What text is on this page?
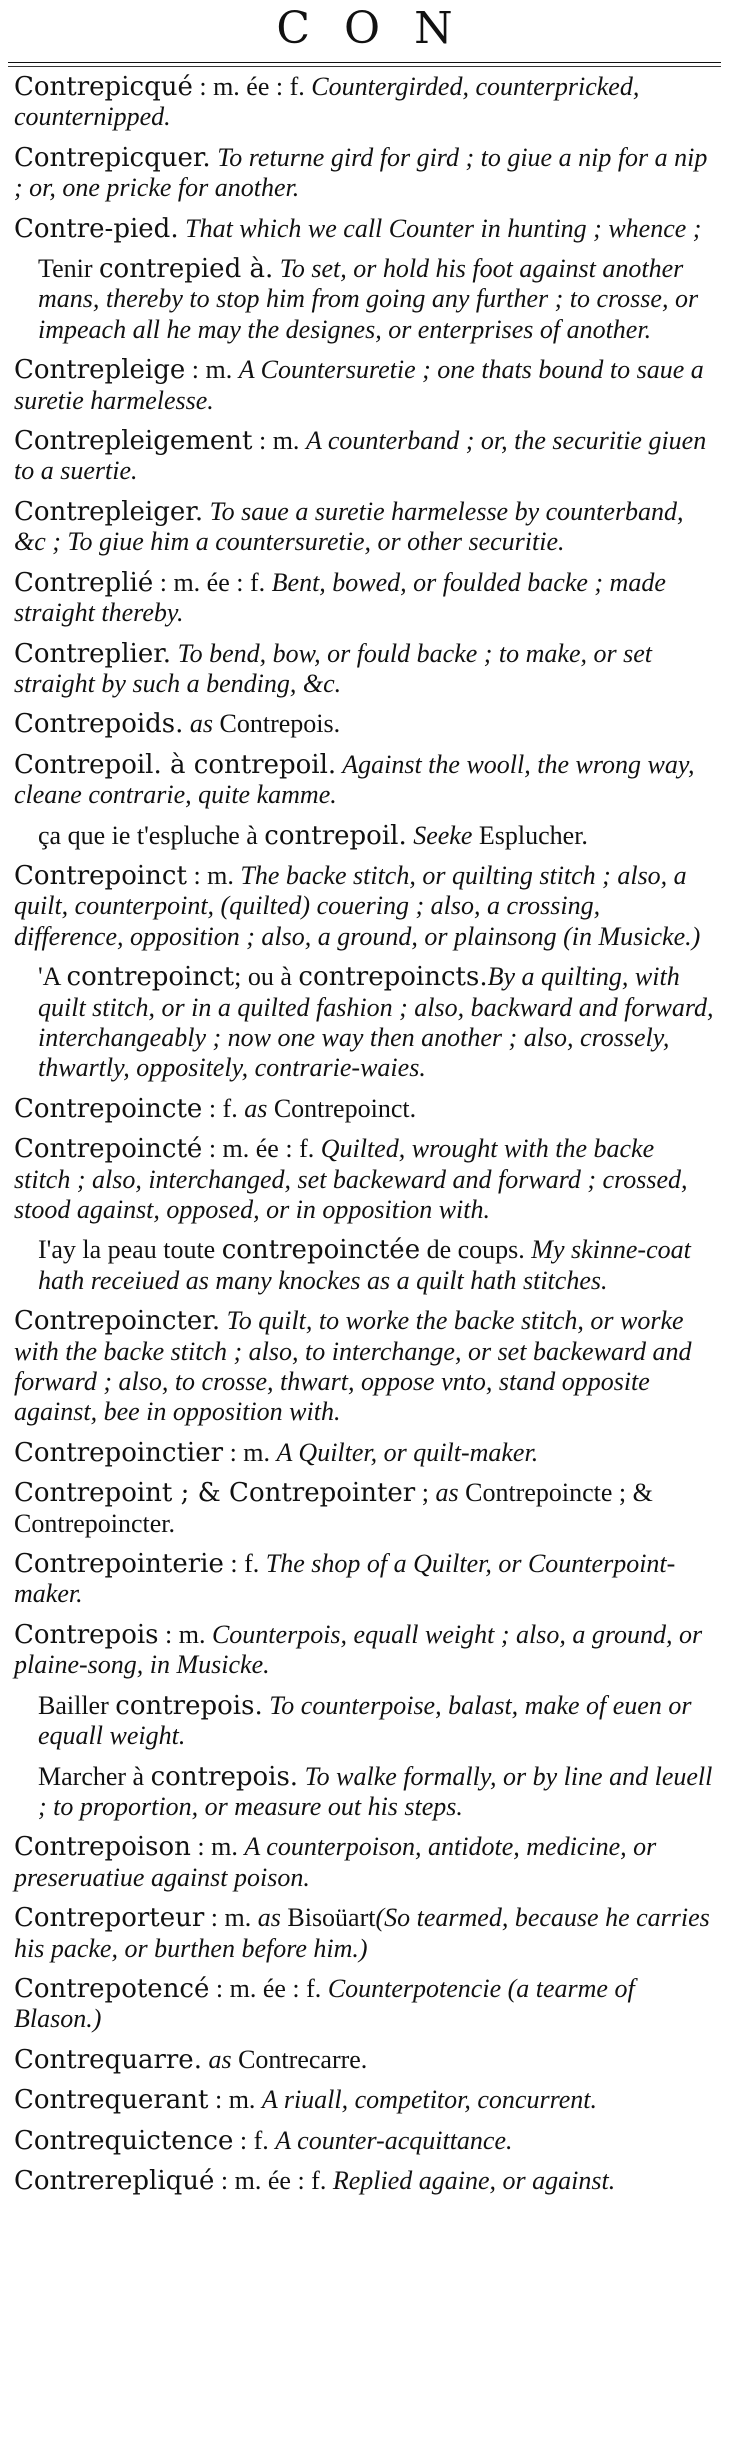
CON

Contrepicqué : m. ée : f. Countergirded, counterpricked, counternipped.

Contrepicquer. To returne gird for gird ; to giue a nip for a nip ; or, one pricke for another.

Contre-pied. That which we call Counter in hunting ; whence ;

Tenir contrepied à. To set, or hold his foot against another mans, thereby to stop him from going any further ; to crosse, or impeach all he may the designes, or enterprises of another.

Contrepleige : m. A Countersuretie ; one thats bound to saue a suretie harmelesse.

Contrepleigement : m. A counterband ; or, the securitie giuen to a suertie.

Contrepleiger. To saue a suretie harmelesse by counterband, &c ; To giue him a countersuretie, or other securitie.

Contreplié : m. ée : f. Bent, bowed, or foulded backe ; made straight thereby.

Contreplier. To bend, bow, or fould backe ; to make, or set straight by such a bending, &c.

Contrepoids. as Contrepois.

Contrepoil. à contrepoil. Against the wooll, the wrong way, cleane contrarie, quite kamme.

ça que ie t'espluche à contrepoil. Seeke Esplucher.

Contrepoinct : m. The backe stitch, or quilting stitch ; also, a quilt, counterpoint, (quilted) couering ; also, a crossing, difference, opposition ; also, a ground, or plainsong (in Musicke.)

'A contrepoinct; ou à contrepoincts.By a quilting, with quilt stitch, or in a quilted fashion ; also, backward and forward, interchangeably ; now one way then another ; also, crossely, thwartly, oppositely, contrarie-waies.

Contrepoincte : f. as Contrepoinct.

Contrepoincté : m. ée : f. Quilted, wrought with the backe stitch ; also, interchanged, set backeward and forward ; crossed, stood against, opposed, or in opposition with.

I'ay la peau toute contrepoinctée de coups. My skinne-coat hath receiued as many knockes as a quilt hath stitches.

Contrepoincter. To quilt, to worke the backe stitch, or worke with the backe stitch ; also, to interchange, or set backeward and forward ; also, to crosse, thwart, oppose vnto, stand opposite against, bee in opposition with.

Contrepoinctier : m. A Quilter, or quilt-maker.

Contrepoint ; & Contrepointer ; as Contrepoincte ; & Contrepoincter.

Contrepointerie : f. The shop of a Quilter, or Counterpoint-maker.

Contrepois : m. Counterpois, equall weight ; also, a ground, or plaine-song, in Musicke.

Bailler contrepois. To counterpoise, balast, make of euen or equall weight.

Marcher à contrepois. To walke formally, or by line and leuell ; to proportion, or measure out his steps.

Contrepoison : m. A counterpoison, antidote, medicine, or preseruatiue against poison.

Contreporteur : m. as Bisoüart(So tearmed, because he carries his packe, or burthen before him.)

Contrepotencé : m. ée : f. Counterpotencie (a tearme of Blason.)

Contrequarre. as Contrecarre.

Contrequerant : m. A riuall, competitor, concurrent.

Contrequictence : f. A counter-acquittance.

Contrerepliqué : m. ée : f. Replied againe, or against.
